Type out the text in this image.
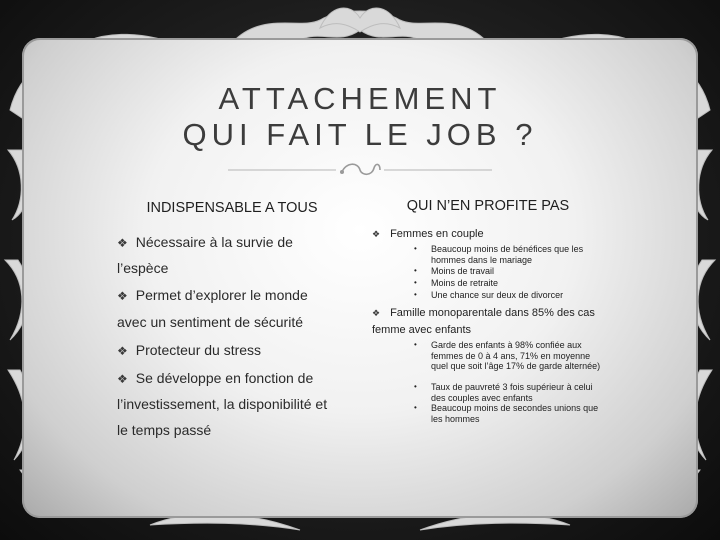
ATTACHEMENT
QUI FAIT LE JOB ?
INDISPENSABLE A TOUS
❖ Nécessaire à la survie de
l’espèce
❖ Permet d’explorer le monde
avec un sentiment de sécurité
❖ Protecteur du stress
❖ Se développe en fonction de
l’investissement, la disponibilité et
le temps passé
QUI N’EN PROFITE PAS
❖ Femmes en couple
• Beaucoup moins de bénéfices que les hommes dans le mariage
• Moins de travail
• Moins de retraite
• Une chance sur deux de divorcer
❖ Famille monoparentale dans 85% des cas
femme avec enfants
• Garde des enfants à 98% confiée aux femmes de 0 à 4 ans, 71% en moyenne quel que soit l’âge 17% de garde alternée)
• Taux de pauvreté 3 fois supérieur à celui des couples avec enfants
• Beaucoup moins de secondes unions que les hommes
